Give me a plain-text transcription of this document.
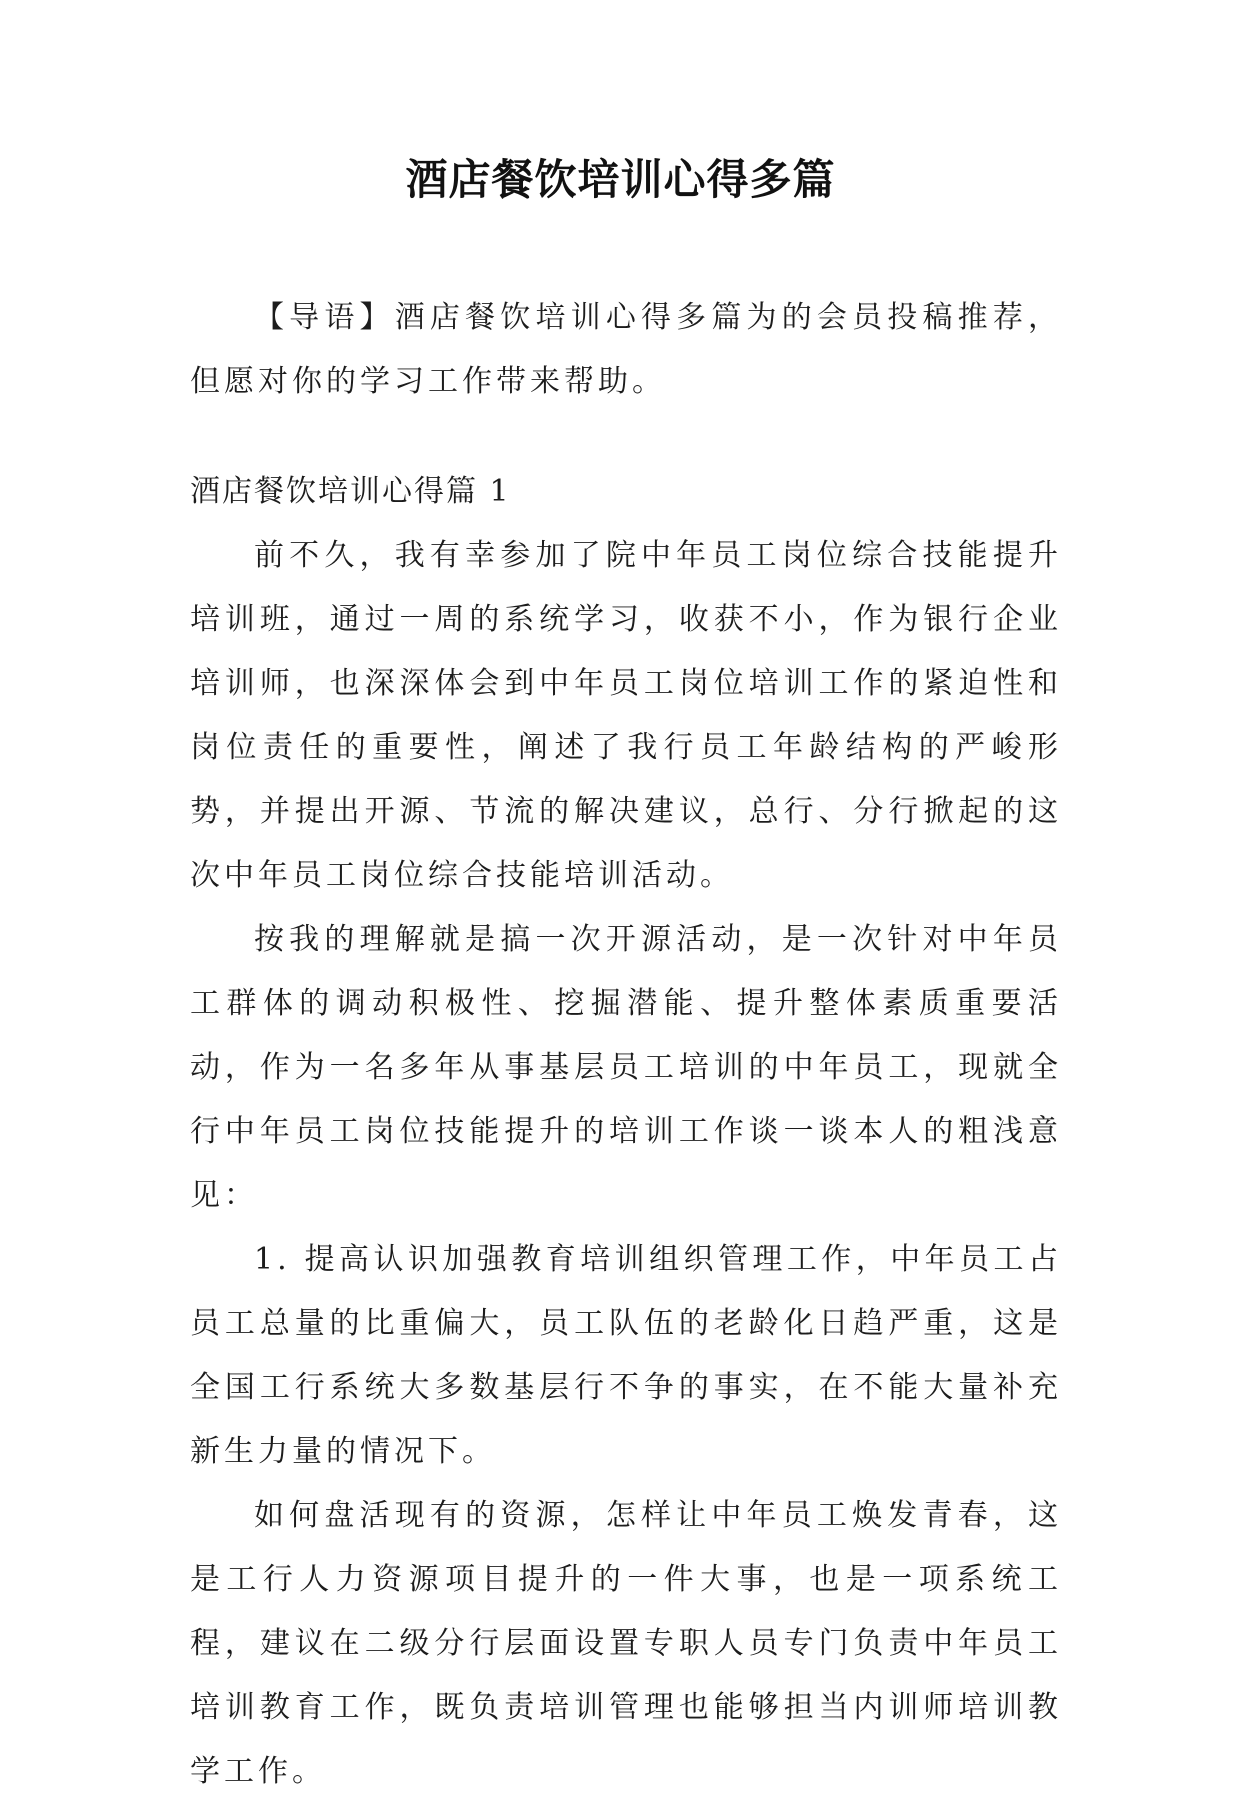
酒店餐饮培训心得多篇

【导语】酒店餐饮培训心得多篇为的会员投稿推荐，但愿对你的学习工作带来帮助。

酒店餐饮培训心得篇 1

前不久，我有幸参加了院中年员工岗位综合技能提升培训班，通过一周的系统学习，收获不小，作为银行企业培训师，也深深体会到中年员工岗位培训工作的紧迫性和岗位责任的重要性，阐述了我行员工年龄结构的严峻形势，并提出开源、节流的解决建议，总行、分行掀起的这次中年员工岗位综合技能培训活动。

按我的理解就是搞一次开源活动，是一次针对中年员工群体的调动积极性、挖掘潜能、提升整体素质重要活动，作为一名多年从事基层员工培训的中年员工，现就全行中年员工岗位技能提升的培训工作谈一谈本人的粗浅意见：

1. 提高认识加强教育培训组织管理工作，中年员工占员工总量的比重偏大，员工队伍的老龄化日趋严重，这是全国工行系统大多数基层行不争的事实，在不能大量补充新生力量的情况下。

如何盘活现有的资源，怎样让中年员工焕发青春，这是工行人力资源项目提升的一件大事，也是一项系统工程，建议在二级分行层面设置专职人员专门负责中年员工培训教育工作，既负责培训管理也能够担当内训师培训教学工作。
